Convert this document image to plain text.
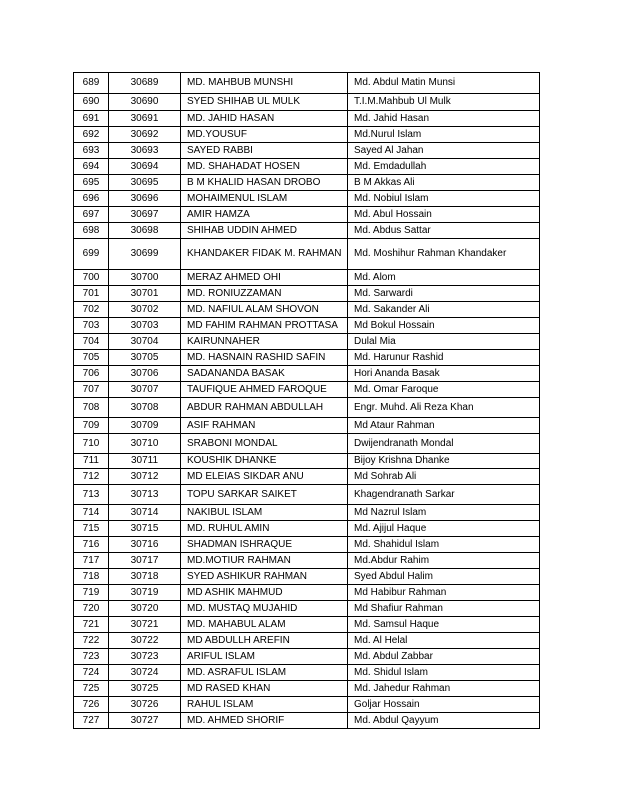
689	30689	MD. MAHBUB MUNSHI	Md. Abdul Matin Munsi
690	30690	SYED SHIHAB UL MULK	T.I.M.Mahbub Ul Mulk
691	30691	MD. JAHID HASAN	Md. Jahid Hasan
692	30692	MD.YOUSUF	Md.Nurul Islam
693	30693	SAYED RABBI	Sayed Al Jahan
694	30694	MD. SHAHADAT HOSEN	Md. Emdadullah
695	30695	B M KHALID HASAN DROBO	B M Akkas Ali
696	30696	MOHAIMENUL ISLAM	Md. Nobiul Islam
697	30697	AMIR HAMZA	Md. Abul Hossain
698	30698	SHIHAB UDDIN AHMED	Md. Abdus Sattar
699	30699	KHANDAKER FIDAK M. RAHMAN	Md. Moshihur Rahman Khandaker
700	30700	MERAZ AHMED OHI	Md. Alom
701	30701	MD. RONIUZZAMAN	Md. Sarwardi
702	30702	MD. NAFIUL ALAM SHOVON	Md. Sakander Ali
703	30703	MD FAHIM RAHMAN PROTTASA	Md Bokul Hossain
704	30704	KAIRUNNAHER	Dulal Mia
705	30705	MD. HASNAIN RASHID SAFIN	Md. Harunur Rashid
706	30706	SADANANDA BASAK	Hori Ananda Basak
707	30707	TAUFIQUE AHMED FAROQUE	Md. Omar Faroque
708	30708	ABDUR RAHMAN ABDULLAH	Engr. Muhd. Ali Reza Khan
709	30709	ASIF RAHMAN	Md Ataur Rahman
710	30710	SRABONI MONDAL	Dwijendranath Mondal
711	30711	KOUSHIK DHANKE	Bijoy Krishna Dhanke
712	30712	MD ELEIAS SIKDAR ANU	Md Sohrab Ali
713	30713	TOPU SARKAR SAIKET	Khagendranath Sarkar
714	30714	NAKIBUL ISLAM	Md Nazrul Islam
715	30715	MD. RUHUL AMIN	Md. Ajijul Haque
716	30716	SHADMAN ISHRAQUE	Md. Shahidul Islam
717	30717	MD.MOTIUR RAHMAN	Md.Abdur Rahim
718	30718	SYED ASHIKUR RAHMAN	Syed Abdul Halim
719	30719	MD ASHIK MAHMUD	Md Habibur Rahman
720	30720	MD. MUSTAQ MUJAHID	Md Shafiur Rahman
721	30721	MD. MAHABUL ALAM	Md. Samsul Haque
722	30722	MD ABDULLH AREFIN	Md. Al Helal
723	30723	ARIFUL ISLAM	Md. Abdul Zabbar
724	30724	MD. ASRAFUL ISLAM	Md. Shidul Islam
725	30725	MD RASED KHAN	Md. Jahedur Rahman
726	30726	RAHUL ISLAM	Goljar Hossain
727	30727	MD. AHMED SHORIF	Md. Abdul Qayyum
